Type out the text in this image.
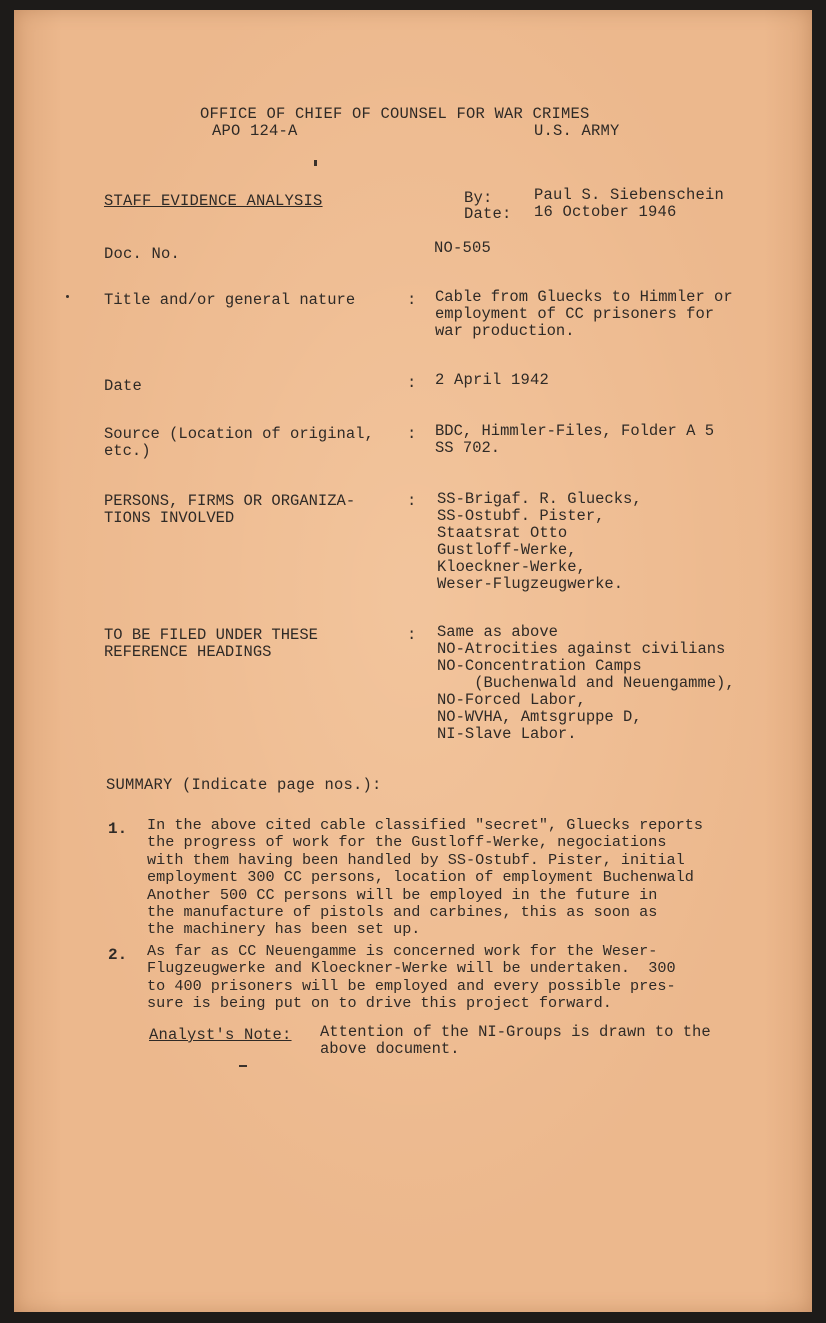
OFFICE OF CHIEF OF COUNSEL FOR WAR CRIMES
APO 124-A	U.S. ARMY
STAFF EVIDENCE ANALYSIS	By:	Paul S. Siebenschein
Date: 16 October 1946
Doc. No.	NO-505
Title and/or general nature	: Cable from Gluecks to Himmler or
employment of CC prisoners for
war production.
Date	: 2 April 1942
Source (Location of original,
etc.)
: BDC, Himmler-Files, Folder A 5
SS 702.
PERSONS, FIRMS OR ORGANIZA-
TIONS INVOLVED
: SS-Brigaf. R. Gluecks,
SS-Ostubf. Pister,
Staatsrat Otto
Gustloff-Werke,
Kloeckner-Werke,
Weser-Flugzeugwerke.
TO BE FILED UNDER THESE
REFERENCE HEADINGS
: Same as above
NO-Atrocities against civilians
NO-Concentration Camps
(Buchenwald and Neuengamme),
NO-Forced Labor,
NO-WVHA, Amtsgruppe D,
NI-Slave Labor.
SUMMARY (Indicate page nos.):
1. In the above cited cable classified "secret", Gluecks reports
the progress of work for the Gustloff-Werke, negociations
with them having been handled by SS-Ostubf. Pister, initial
employment 300 CC persons, location of employment Buchenwald
Another 500 CC persons will be employed in the future in
the manufacture of pistols and carbines, this as soon as
the machinery has been set up.
2. As far as CC Neuengamme is concerned work for the Weser-
Flugzeugwerke and Kloeckner-Werke will be undertaken.  300
to 400 prisoners will be employed and every possible pres-
sure is being put on to drive this project forward.
Analyst's Note: Attention of the NI-Groups is drawn to the
above document.
